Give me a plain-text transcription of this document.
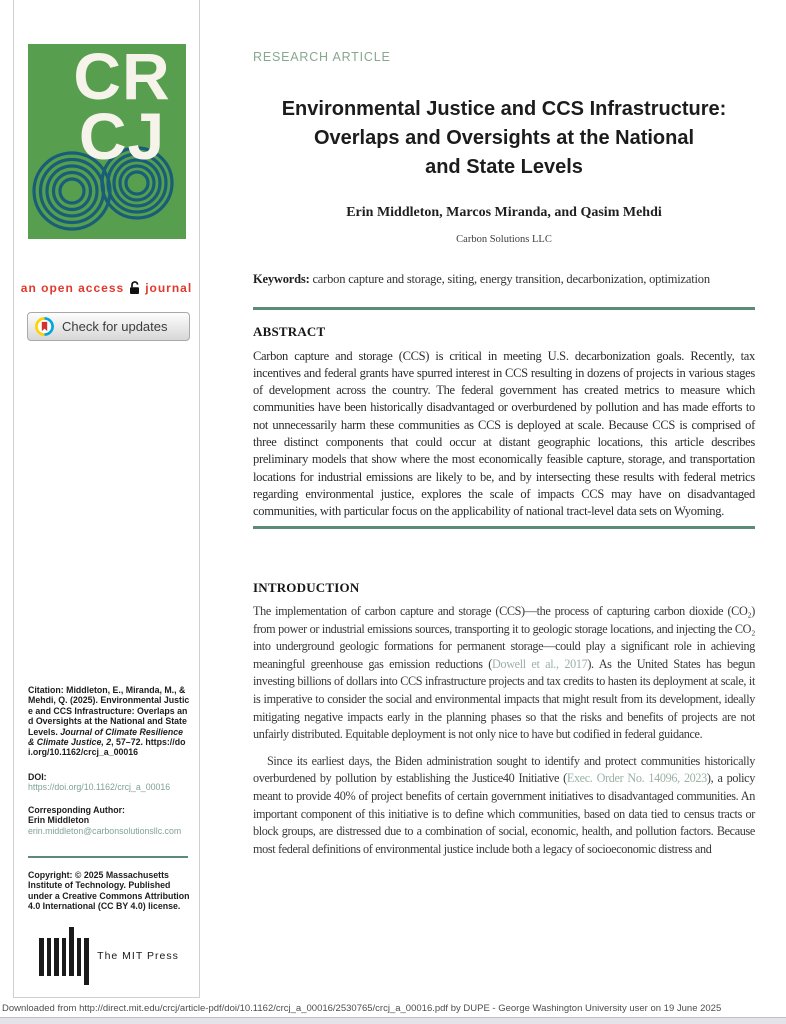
CR
CJ
an open access journal
Check for updates

Citation: Middleton, E., Miranda, M., & Mehdi, Q. (2025). Environmental Justice and CCS Infrastructure: Overlaps and Oversights at the National and State Levels. Journal of Climate Resilience & Climate Justice, 2, 57–72. https://doi.org/10.1162/crcj_a_00016

DOI:
https://doi.org/10.1162/crcj_a_00016
Corresponding Author:
Erin Middleton
erin.middleton@carbonsolutionsllc.com

Copyright: © 2025 Massachusetts Institute of Technology. Published under a Creative Commons Attribution 4.0 International (CC BY 4.0) license.

The MIT Press
RESEARCH ARTICLE
Environmental Justice and CCS Infrastructure:
Overlaps and Oversights at the National
and State Levels
Erin Middleton, Marcos Miranda, and Qasim Mehdi
Carbon Solutions LLC

Keywords: carbon capture and storage, siting, energy transition, decarbonization, optimization

ABSTRACT

Carbon capture and storage (CCS) is critical in meeting U.S. decarbonization goals. Recently, tax incentives and federal grants have spurred interest in CCS resulting in dozens of projects in various stages of development across the country. The federal government has created metrics to measure which communities have been historically disadvantaged or overburdened by pollution and has made efforts to not unnecessarily harm these communities as CCS is deployed at scale. Because CCS is comprised of three distinct components that could occur at distant geographic locations, this article describes preliminary models that show where the most economically feasible capture, storage, and transportation locations for industrial emissions are likely to be, and by intersecting these results with federal metrics regarding environmental justice, explores the scale of impacts CCS may have on disadvantaged communities, with particular focus on the applicability of national tract-level data sets on Wyoming.

INTRODUCTION

The implementation of carbon capture and storage (CCS)—the process of capturing carbon dioxide (CO₂) from power or industrial emissions sources, transporting it to geologic storage locations, and injecting the CO₂ into underground geologic formations for permanent storage—could play a significant role in achieving meaningful greenhouse gas emission reductions (Dowell et al., 2017). As the United States has begun investing billions of dollars into CCS infrastructure projects and tax credits to hasten its deployment at scale, it is imperative to consider the social and environmental impacts that might result from its development, ideally mitigating negative impacts early in the planning phases so that the risks and benefits of projects are not unfairly distributed. Equitable deployment is not only nice to have but codified in federal guidance.

Since its earliest days, the Biden administration sought to identify and protect communities historically overburdened by pollution by establishing the Justice40 Initiative (Exec. Order No. 14096, 2023), a policy meant to provide 40% of project benefits of certain government initiatives to disadvantaged communities. An important component of this initiative is to define which communities, based on data tied to census tracts or block groups, are distressed due to a combination of social, economic, health, and pollution factors. Because most federal definitions of environmental justice include both a legacy of socioeconomic distress and

Downloaded from http://direct.mit.edu/crcj/article-pdf/doi/10.1162/crcj_a_00016/2530765/crcj_a_00016.pdf by DUPE - George Washington University user on 19 June 2025
